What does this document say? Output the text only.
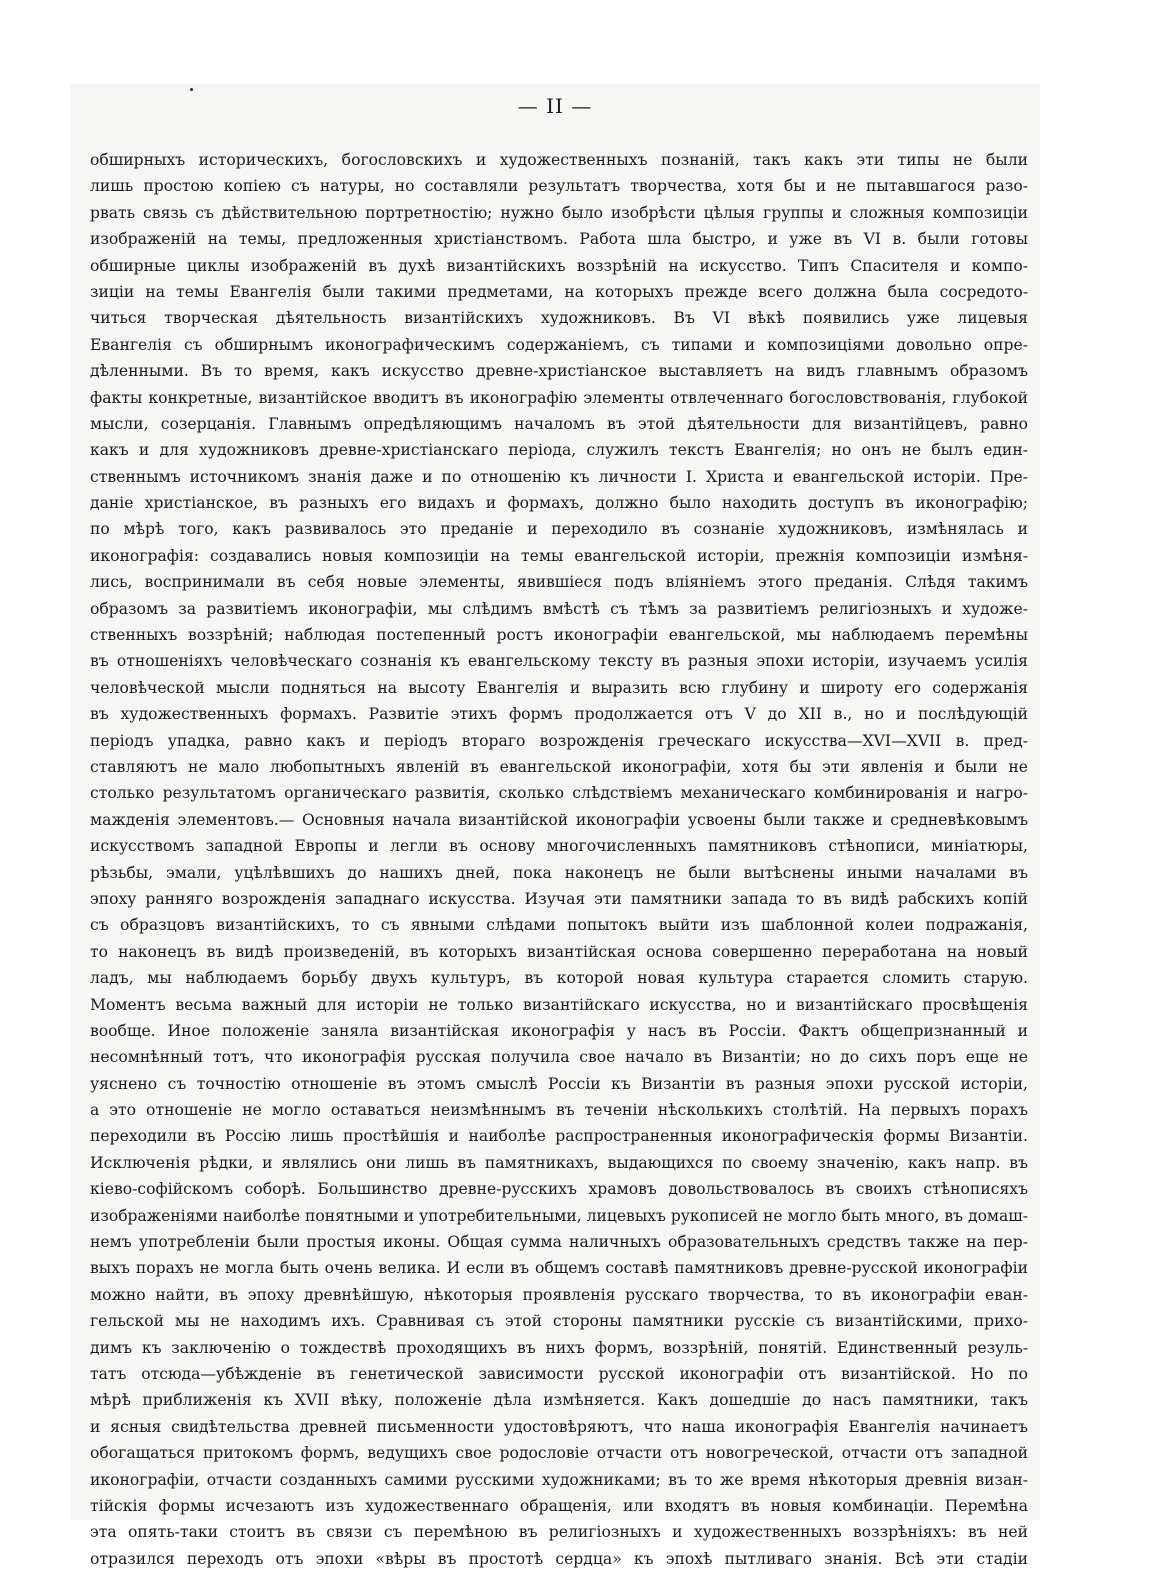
— II —
обширныхъ историческихъ, богословскихъ и художественныхъ познаній, такъ какъ эти типы не были
лишь простою копіею съ натуры, но составляли результатъ творчества, хотя бы и не пытавшагося разо-
рвать связь съ дѣйствительною портретностію; нужно было изобрѣсти цѣлыя группы и сложныя композиціи
изображеній на темы, предложенныя христіанствомъ. Работа шла быстро, и уже въ VI в. были готовы
обширные циклы изображеній въ духѣ византійскихъ воззрѣній на искусство. Типъ Спасителя и компо-
зиціи на темы Евангелія были такими предметами, на которыхъ прежде всего должна была сосредото-
читься творческая дѣятельность византійскихъ художниковъ. Въ VI вѣкѣ появились уже лицевыя
Евангелія съ обширнымъ иконографическимъ содержаніемъ, съ типами и композиціями довольно опре-
дѣленными. Въ то время, какъ искусство древне-христіанское выставляетъ на видъ главнымъ образомъ
факты конкретные, византійское вводитъ въ иконографію элементы отвлеченнаго богословствованія, глубокой
мысли, созерцанія. Главнымъ опредѣляющимъ началомъ въ этой дѣятельности для византійцевъ, равно
какъ и для художниковъ древне-христіанскаго періода, служилъ текстъ Евангелія; но онъ не былъ един-
ственнымъ источникомъ знанія даже и по отношенію къ личности І. Христа и евангельской исторіи. Пре-
даніе христіанское, въ разныхъ его видахъ и формахъ, должно было находить доступъ въ иконографію;
по мѣрѣ того, какъ развивалось это преданіе и переходило въ сознаніе художниковъ, измѣнялась и
иконографія: создавались новыя композиціи на темы евангельской исторіи, прежнія композиціи измѣня-
лись, воспринимали въ себя новые элементы, явившіеся подъ вліяніемъ этого преданія. Слѣдя такимъ
образомъ за развитіемъ иконографіи, мы слѣдимъ вмѣстѣ съ тѣмъ за развитіемъ религіозныхъ и художе-
ственныхъ воззрѣній; наблюдая постепенный ростъ иконографіи евангельской, мы наблюдаемъ перемѣны
въ отношеніяхъ человѣческаго сознанія къ евангельскому тексту въ разныя эпохи исторіи, изучаемъ усилія
человѣческой мысли подняться на высоту Евангелія и выразить всю глубину и широту его содержанія
въ художественныхъ формахъ. Развитіе этихъ формъ продолжается отъ V до XII в., но и послѣдующій
періодъ упадка, равно какъ и періодъ втораго возрожденія греческаго искусства—XVI—XVII в. пред-
ставляютъ не мало любопытныхъ явленій въ евангельской иконографіи, хотя бы эти явленія и были не
столько результатомъ органическаго развитія, сколько слѣдствіемъ механическаго комбинированія и нагро-
мажденія элементовъ.— Основныя начала византійской иконографіи усвоены были также и средневѣковымъ
искусствомъ западной Европы и легли въ основу многочисленныхъ памятниковъ стѣнописи, миніатюры,
рѣзьбы, эмали, уцѣлѣвшихъ до нашихъ дней, пока наконецъ не были вытѣснены иными началами въ
эпоху ранняго возрожденія западнаго искусства. Изучая эти памятники запада то въ видѣ рабскихъ копій
съ образцовъ византійскихъ, то съ явными слѣдами попытокъ выйти изъ шаблонной колеи подражанія,
то наконецъ въ видѣ произведеній, въ которыхъ византійская основа совершенно переработана на новый
ладъ, мы наблюдаемъ борьбу двухъ культуръ, въ которой новая культура старается сломить старую.
Моментъ весьма важный для исторіи не только византійскаго искусства, но и византійскаго просвѣщенія
вообще. Иное положеніе заняла византійская иконографія у насъ въ Россіи. Фактъ общепризнанный и
несомнѣнный тотъ, что иконографія русская получила свое начало въ Византіи; но до сихъ поръ еще не
уяснено съ точностію отношеніе въ этомъ смыслѣ Россіи къ Византіи въ разныя эпохи русской исторіи,
а это отношеніе не могло оставаться неизмѣннымъ въ теченіи нѣсколькихъ столѣтій. На первыхъ порахъ
переходили въ Россію лишь простѣйшія и наиболѣе распространенныя иконографическія формы Византіи.
Исключенія рѣдки, и являлись они лишь въ памятникахъ, выдающихся по своему значенію, какъ напр. въ
кіево-софійскомъ соборѣ. Большинство древне-русскихъ храмовъ довольствовалось въ своихъ стѣнописяхъ
изображеніями наиболѣе понятными и употребительными, лицевыхъ рукописей не могло быть много, въ домаш-
немъ употребленіи были простыя иконы. Общая сумма наличныхъ образовательныхъ средствъ также на пер-
выхъ порахъ не могла быть очень велика. И если въ общемъ составѣ памятниковъ древне-русской иконографіи
можно найти, въ эпоху древнѣйшую, нѣкоторыя проявленія русскаго творчества, то въ иконографіи еван-
гельской мы не находимъ ихъ. Сравнивая съ этой стороны памятники русскіе съ византійскими, прихо-
димъ къ заключенію о тождествѣ проходящихъ въ нихъ формъ, воззрѣній, понятій. Единственный резуль-
татъ отсюда—убѣжденіе въ генетической зависимости русской иконографіи отъ византійской. Но по
мѣрѣ приближенія къ XVII вѣку, положеніе дѣла измѣняется. Какъ дошедшіе до насъ памятники, такъ
и ясныя свидѣтельства древней письменности удостовѣряютъ, что наша иконографія Евангелія начинаетъ
обогащаться притокомъ формъ, ведущихъ свое родословіе отчасти отъ новогреческой, отчасти отъ западной
иконографіи, отчасти созданныхъ самими русскими художниками; въ то же время нѣкоторыя древнія визан-
тійскія формы исчезаютъ изъ художественнаго обращенія, или входятъ въ новыя комбинаціи. Перемѣна
эта опять-таки стоитъ въ связи съ перемѣною въ религіозныхъ и художественныхъ воззрѣніяхъ: въ ней
отразился переходъ отъ эпохи «вѣры въ простотѣ сердца» къ эпохѣ пытливаго знанія. Всѣ эти стадіи
